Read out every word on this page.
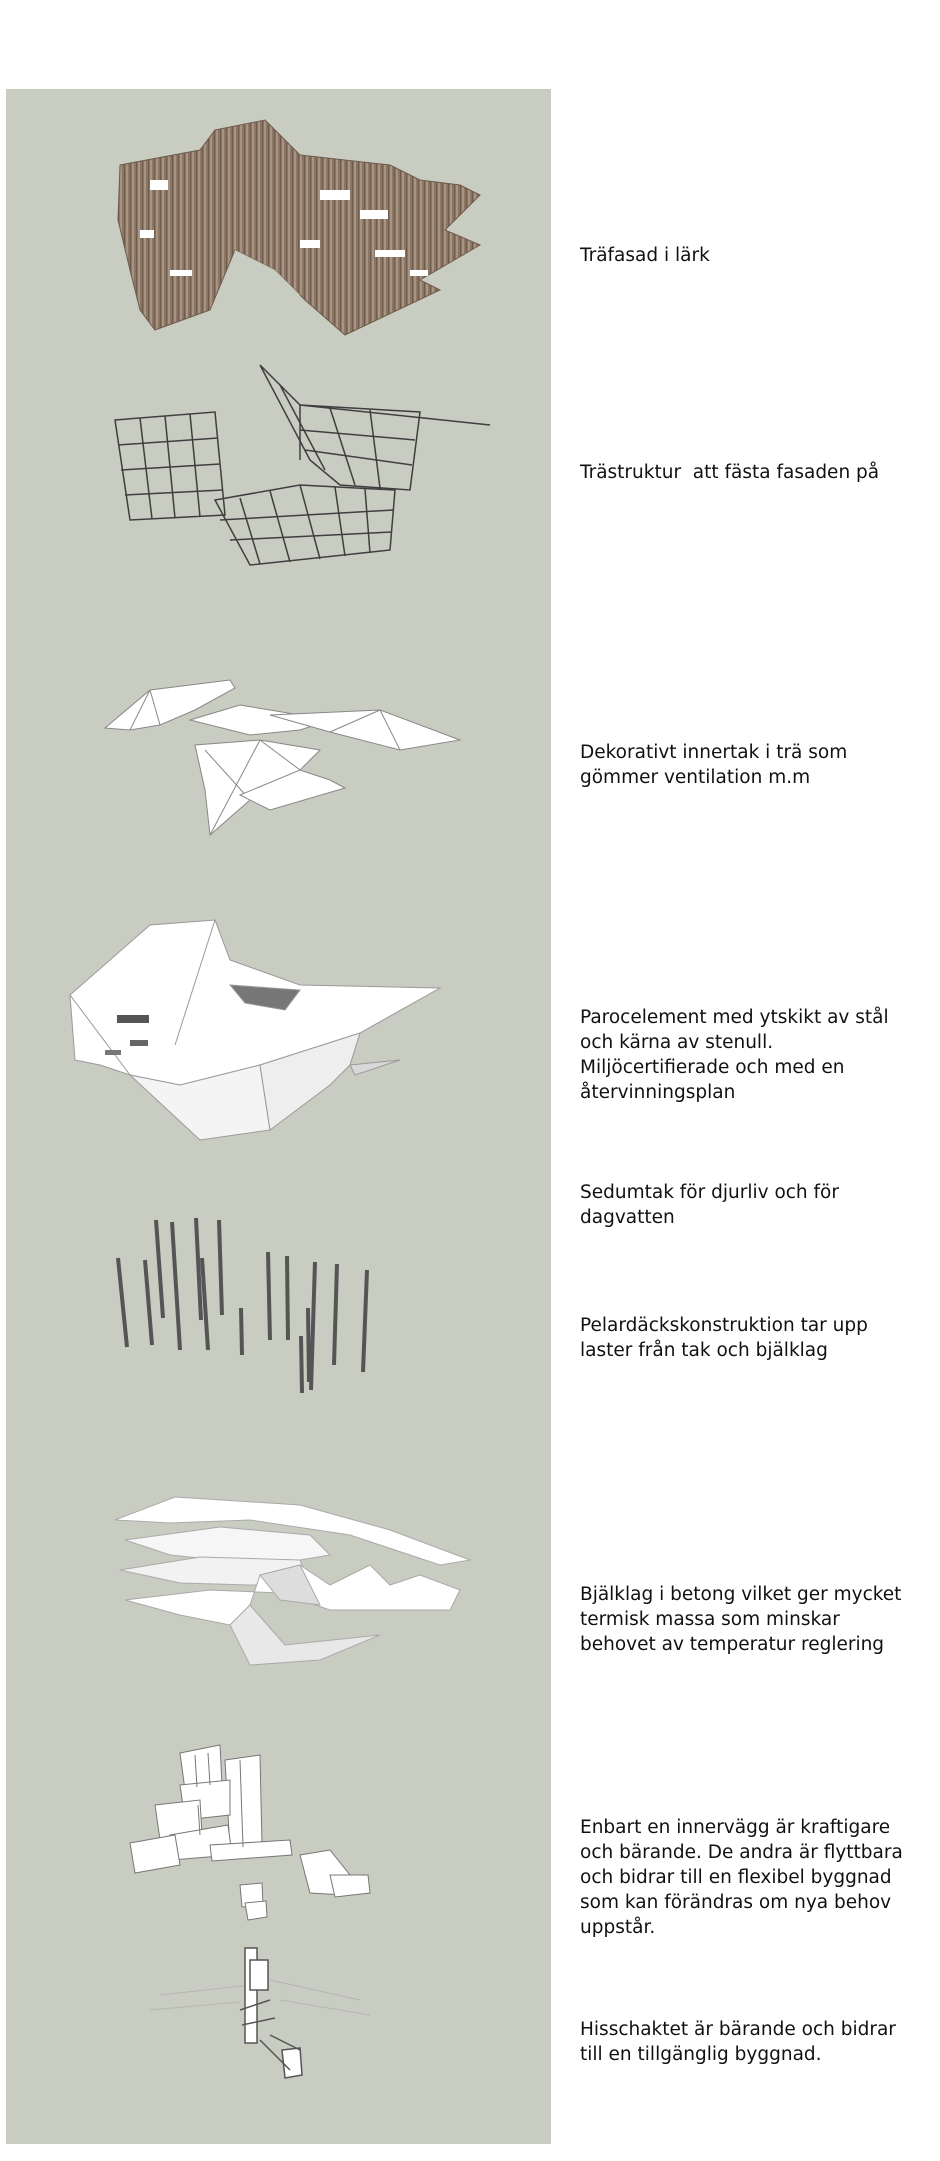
Träfasad i lärk

Trästruktur  att fästa fasaden på

Dekorativt innertak i trä som gömmer ventilation m.m

Parocelement med ytskikt av stål och kärna av stenull. Miljöcertifierade och med en återvinningsplan

Sedumtak för djurliv och för dagvatten

Pelardäckskonstruktion tar upp laster från tak och bjälklag

Bjälklag i betong vilket ger mycket termisk massa som minskar behovet av temperatur reglering

Enbart en innervägg är kraftigare och bärande. De andra är flyttbara och bidrar till en flexibel byggnad som kan förändras om nya behov uppstår.

Hisschaktet är bärande och bidrar till en tillgänglig byggnad.
